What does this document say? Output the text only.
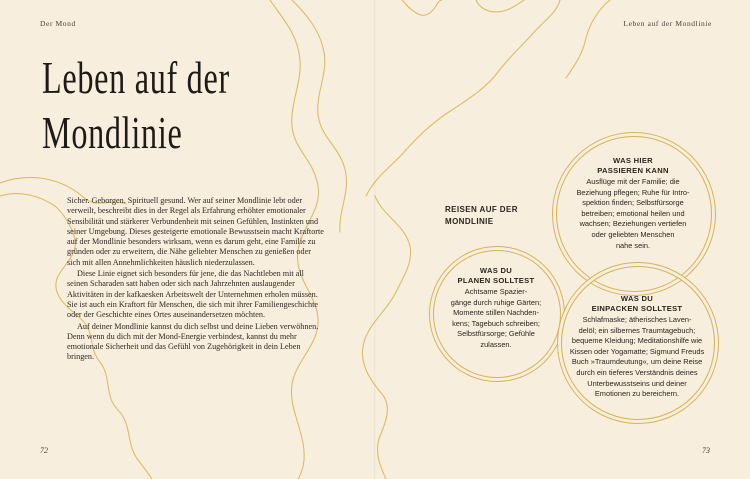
Der Mond
Leben auf der
Mondlinie

Sicher. Geborgen. Spirituell gesund. Wer auf seiner Mondlinie lebt oder verweilt, beschreibt dies in der Regel als Erfahrung erhöhter emotionaler Sensibilität und stärkerer Verbundenheit mit seinen Gefühlen, Instinkten und seiner Umgebung. Dieses gesteigerte emotionale Bewusstsein macht Kraftorte auf der Mondlinie besonders wirksam, wenn es darum geht, eine Familie zu gründen oder zu erweitern, die Nähe geliebter Menschen zu genießen oder sich mit allen Annehmlichkeiten häuslich niederzulassen.

Diese Linie eignet sich besonders für jene, die das Nachtleben mit all seinen Scharaden satt haben oder sich nach Jahrzehnten auslaugender Aktivitäten in der kafkaesken Arbeitswelt der Unternehmen erholen müssen. Sie ist auch ein Kraftort für Menschen, die sich mit ihrer Familiengeschichte oder der Geschichte eines Ortes auseinandersetzen möchten.

Auf deiner Mondlinie kannst du dich selbst und deine Lieben verwöhnen. Denn wenn du dich mit der Mond-Energie verbindest, kannst du mehr emotionale Sicherheit und das Gefühl von Zugehörigkeit in dein Leben bringen.

72
Leben auf der Mondlinie
REISEN AUF DER
MONDLINIE
WAS HIER
PASSIEREN KANN
Ausflüge mit der Familie; die
Beziehung pflegen; Ruhe für Intro-
spektion finden; Selbstfürsorge
betreiben; emotional heilen und
wachsen; Beziehungen vertiefen
oder geliebten Menschen
nahe sein.
WAS DU
PLANEN SOLLTEST
Achtsame Spazier-
gänge durch ruhige Gärten;
Momente stillen Nachden-
kens; Tagebuch schreiben;
Selbstfürsorge; Gefühle
zulassen.
WAS DU
EINPACKEN SOLLTEST
Schlafmaske; ätherisches Laven-
delöl; ein silbernes Traumtagebuch;
bequeme Kleidung; Meditationshilfe wie
Kissen oder Yogamatte; Sigmund Freuds
Buch »Traumdeutung«, um deine Reise
durch ein tieferes Verständnis deines
Unterbewusstseins und deiner
Emotionen zu bereichern.
73
